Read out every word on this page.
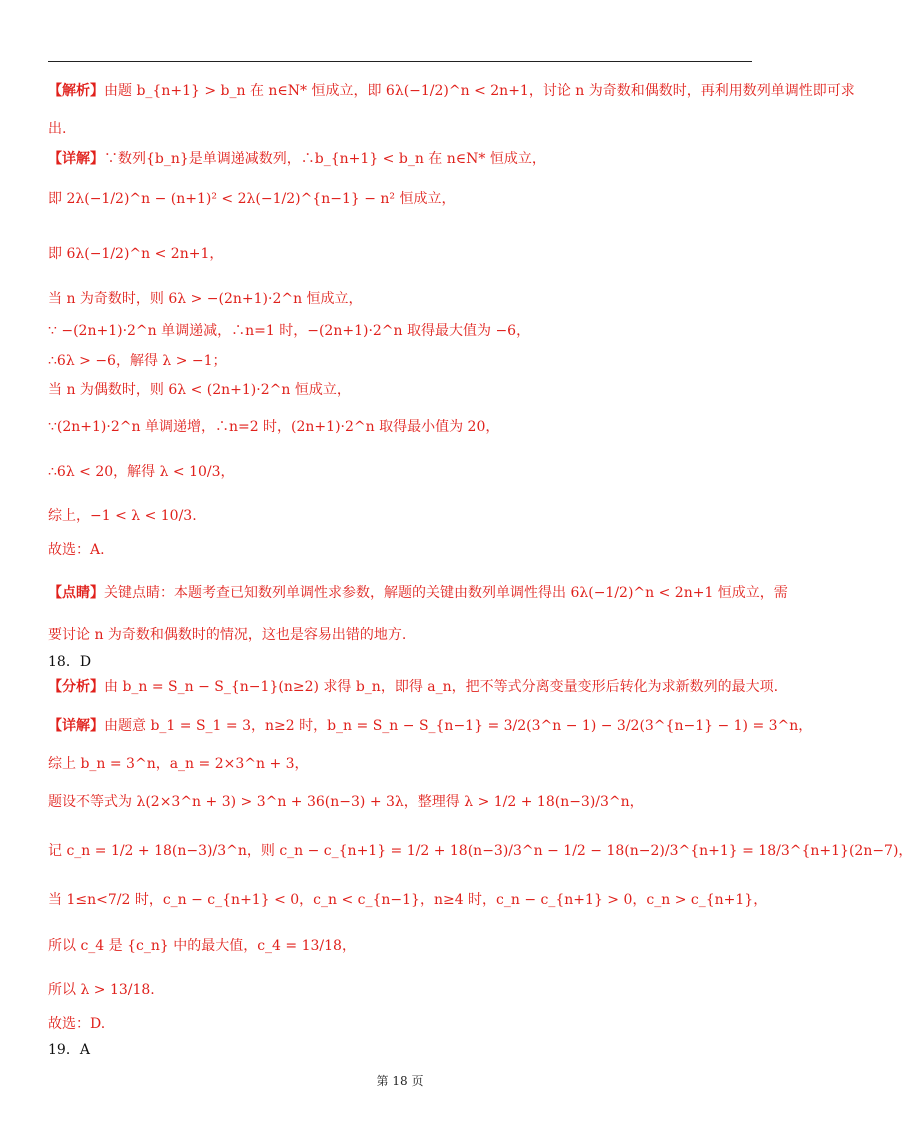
【解析】由题 b_{n+1} > b_n 在 n∈N* 恒成立，即 6λ(−1/2)^n < 2n+1，讨论 n 为奇数和偶数时，再利用数列单调性即可求
出.
【详解】∵数列{b_n}是单调递减数列，∴b_{n+1} < b_n 在 n∈N* 恒成立，
即 2λ(−1/2)^n − (n+1)² < 2λ(−1/2)^{n−1} − n² 恒成立，
即 6λ(−1/2)^n < 2n+1，
当 n 为奇数时，则 6λ > −(2n+1)·2^n 恒成立，
∵ −(2n+1)·2^n 单调递减，∴n=1 时，−(2n+1)·2^n 取得最大值为 −6，
∴6λ > −6，解得 λ > −1；
当 n 为偶数时，则 6λ < (2n+1)·2^n 恒成立，
∵(2n+1)·2^n 单调递增，∴n=2 时，(2n+1)·2^n 取得最小值为 20，
∴6λ < 20，解得 λ < 10/3，
综上，−1 < λ < 10/3.
故选：A.
【点睛】关键点睛：本题考查已知数列单调性求参数，解题的关键由数列单调性得出 6λ(−1/2)^n < 2n+1 恒成立，需
要讨论 n 为奇数和偶数时的情况，这也是容易出错的地方.
18．D
【分析】由 b_n = S_n − S_{n−1}(n≥2) 求得 b_n，即得 a_n，把不等式分离变量变形后转化为求新数列的最大项.
【详解】由题意 b_1 = S_1 = 3，n≥2 时，b_n = S_n − S_{n−1} = 3/2(3^n − 1) − 3/2(3^{n−1} − 1) = 3^n，
综上 b_n = 3^n，a_n = 2×3^n + 3，
题设不等式为 λ(2×3^n + 3) > 3^n + 36(n−3) + 3λ，整理得 λ > 1/2 + 18(n−3)/3^n，
记 c_n = 1/2 + 18(n−3)/3^n，则 c_n − c_{n+1} = 1/2 + 18(n−3)/3^n − 1/2 − 18(n−2)/3^{n+1} = 18/3^{n+1}(2n−7)，
当 1≤n<7/2 时，c_n − c_{n+1} < 0，c_n < c_{n−1}，n≥4 时，c_n − c_{n+1} > 0，c_n > c_{n+1}，
所以 c_4 是 {c_n} 中的最大值，c_4 = 13/18，
所以 λ > 13/18.
故选：D.
19．A
第 18 页
